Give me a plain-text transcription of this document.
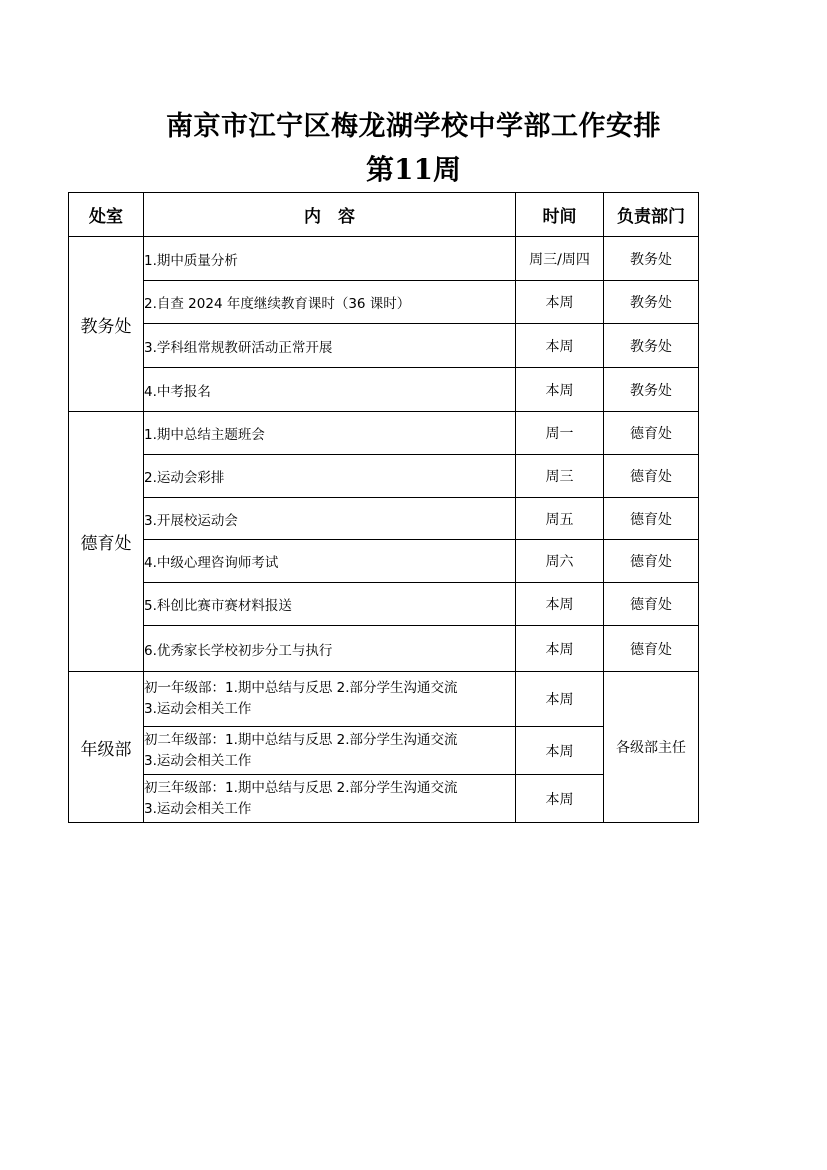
南京市江宁区梅龙湖学校中学部工作安排
第11周
处室	内　容	时间	负责部门
教务处	1.期中质量分析	周三/周四	教务处
	2.自查 2024 年度继续教育课时（36 课时）	本周	教务处
	3.学科组常规教研活动正常开展	本周	教务处
	4.中考报名	本周	教务处
德育处	1.期中总结主题班会	周一	德育处
	2.运动会彩排	周三	德育处
	3.开展校运动会	周五	德育处
	4.中级心理咨询师考试	周六	德育处
	5.科创比赛市赛材料报送	本周	德育处
	6.优秀家长学校初步分工与执行	本周	德育处
年级部	初一年级部：1.期中总结与反思 2.部分学生沟通交流
3.运动会相关工作	本周	各级部主任

	初二年级部：1.期中总结与反思 2.部分学生沟通交流
3.运动会相关工作	本周	

	初三年级部：1.期中总结与反思 2.部分学生沟通交流
3.运动会相关工作	本周	
